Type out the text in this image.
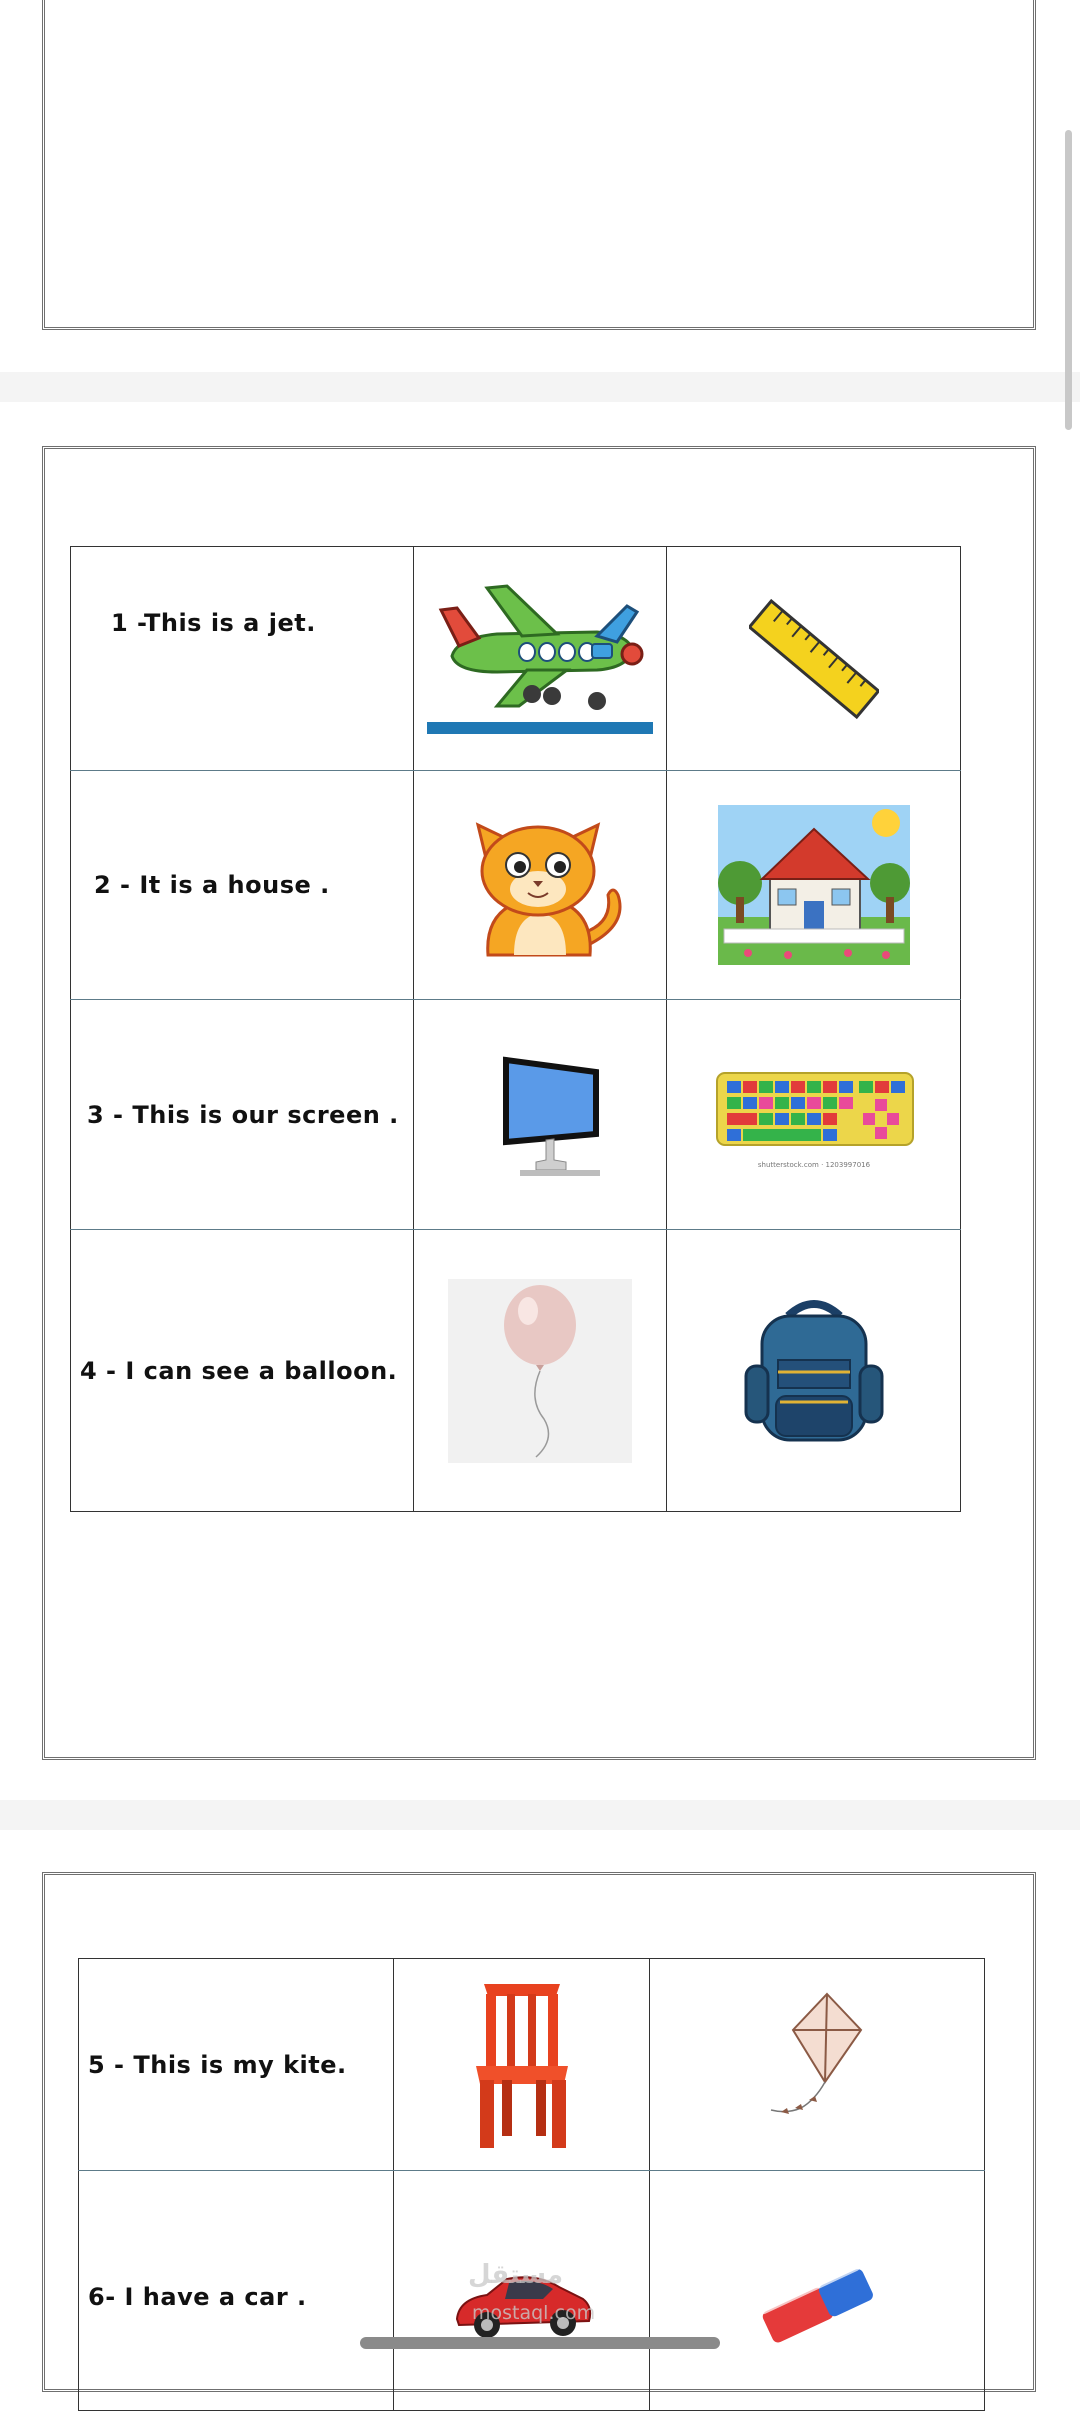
1 -This is a jet.	

2 - It is a house .	

3 - This is our screen .		shutterstock.com · 1203997016

4 - I can see a balloon.	

5 - This is my kite.	

6- I have a car .	

مستقل
mostaql.com
